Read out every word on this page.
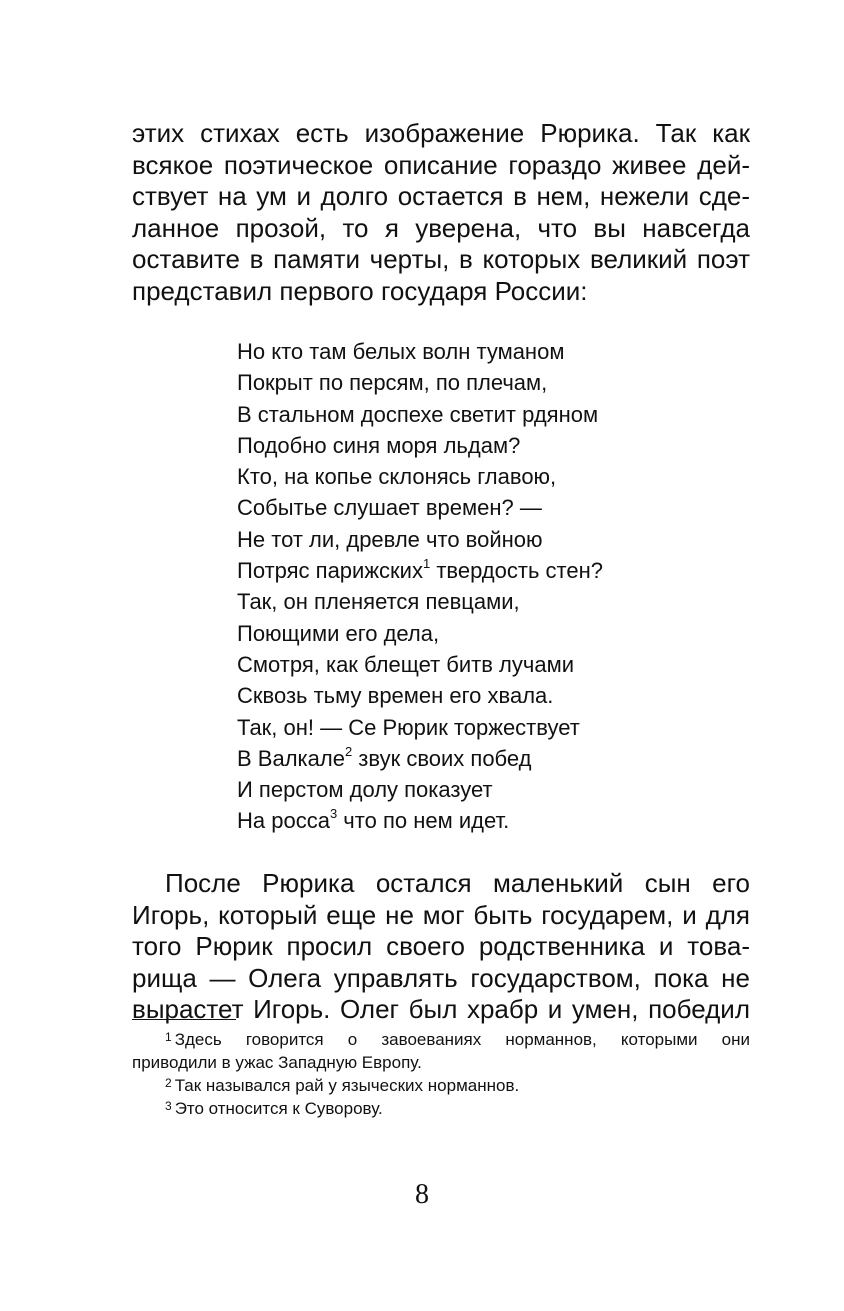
этих стихах есть изображение Рюрика. Так как
всякое поэтическое описание гораздо живее дей-
ствует на ум и долго остается в нем, нежели сде-
ланное прозой, то я уверена, что вы навсегда
оставите в памяти черты, в которых великий поэт
представил первого государя России:
Но кто там белых волн туманом
Покрыт по персям, по плечам,
В стальном доспехе светит рдяном
Подобно синя моря льдам?
Кто, на копье склонясь главою,
Событье слушает времен? —
Не тот ли, древле что войною
Потряс парижских$^1$ твердость стен?
Так, он пленяется певцами,
Поющими его дела,
Смотря, как блещет битв лучами
Сквозь тьму времен его хвала.
Так, он! — Се Рюрик торжествует
В Валкале$^2$ звук своих побед
И перстом долу показует
На росса$^3$ что по нем идет.
После Рюрика остался маленький сын его
Игорь, который еще не мог быть государем, и для
того Рюрик просил своего родственника и това-
рища — Олега управлять государством, пока не
вырастет Игорь. Олег был храбр и умен, победил
$^1$ Здесь говорится о завоеваниях норманнов, которыми они
приводили в ужас Западную Европу.
$^2$ Так назывался рай у языческих норманнов.
$^3$ Это относится к Суворову.
8
